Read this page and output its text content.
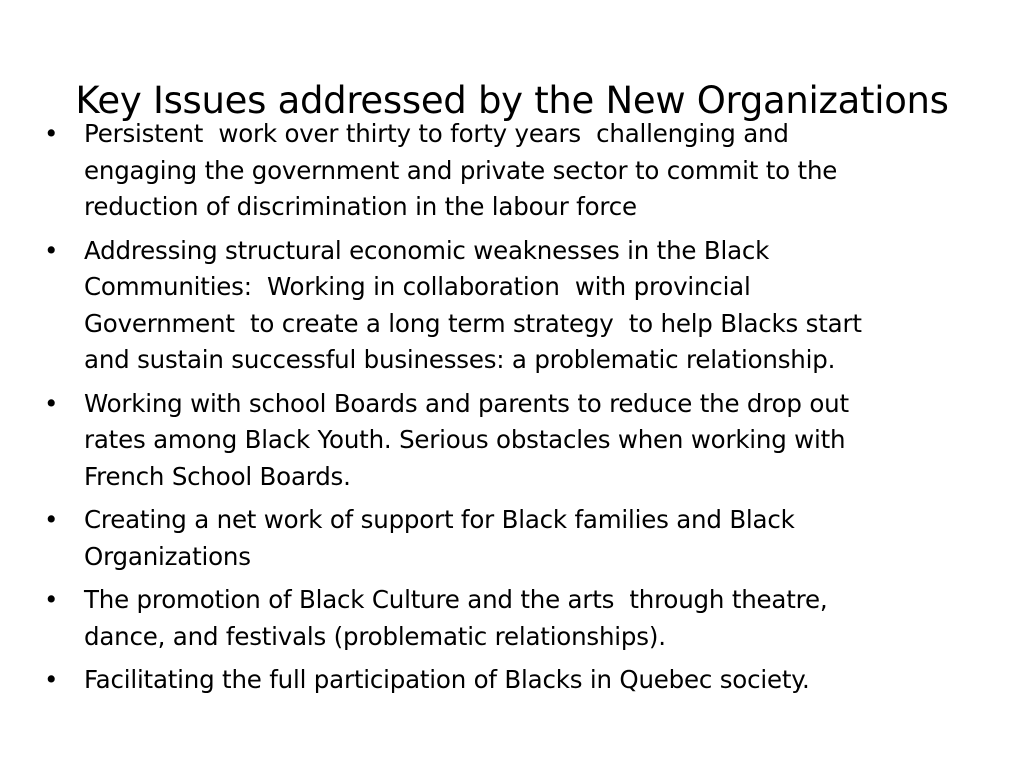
Key Issues addressed by the New Organizations
• Persistent  work over thirty to forty years  challenging and
engaging the government and private sector to commit to the
reduction of discrimination in the labour force
• Addressing structural economic weaknesses in the Black
Communities:  Working in collaboration  with provincial
Government  to create a long term strategy  to help Blacks start
and sustain successful businesses: a problematic relationship.
• Working with school Boards and parents to reduce the drop out
rates among Black Youth. Serious obstacles when working with
French School Boards.
• Creating a net work of support for Black families and Black
Organizations
• The promotion of Black Culture and the arts  through theatre,
dance, and festivals (problematic relationships).
• Facilitating the full participation of Blacks in Quebec society.
